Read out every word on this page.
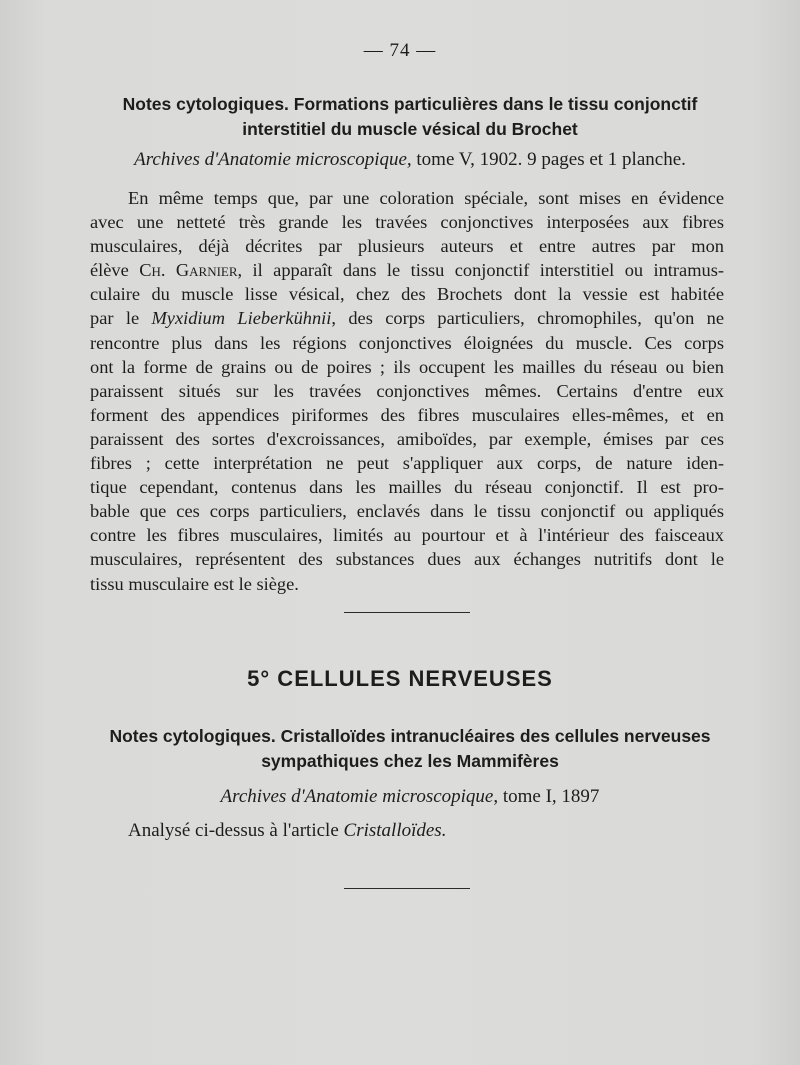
— 74 —
Notes cytologiques. Formations particulières dans le tissu conjonctif
interstitiel du muscle vésical du Brochet
Archives d'Anatomie microscopique, tome V, 1902. 9 pages et 1 planche.
En même temps que, par une coloration spéciale, sont mises en évidence
avec une netteté très grande les travées conjonctives interposées aux fibres
musculaires, déjà décrites par plusieurs auteurs et entre autres par mon
élève Ch. Garnier, il apparaît dans le tissu conjonctif interstitiel ou intramus-
culaire du muscle lisse vésical, chez des Brochets dont la vessie est habitée
par le Myxidium Lieberkühnii, des corps particuliers, chromophiles, qu'on ne
rencontre plus dans les régions conjonctives éloignées du muscle. Ces corps
ont la forme de grains ou de poires ; ils occupent les mailles du réseau ou bien
paraissent situés sur les travées conjonctives mêmes. Certains d'entre eux
forment des appendices piriformes des fibres musculaires elles-mêmes, et en
paraissent des sortes d'excroissances, amiboïdes, par exemple, émises par ces
fibres ; cette interprétation ne peut s'appliquer aux corps, de nature iden-
tique cependant, contenus dans les mailles du réseau conjonctif. Il est pro-
bable que ces corps particuliers, enclavés dans le tissu conjonctif ou appliqués
contre les fibres musculaires, limités au pourtour et à l'intérieur des faisceaux
musculaires, représentent des substances dues aux échanges nutritifs dont le
tissu musculaire est le siège.
5° CELLULES NERVEUSES
Notes cytologiques. Cristalloïdes intranucléaires des cellules nerveuses
sympathiques chez les Mammifères
Archives d'Anatomie microscopique, tome I, 1897
Analysé ci-dessus à l'article Cristalloïdes.
